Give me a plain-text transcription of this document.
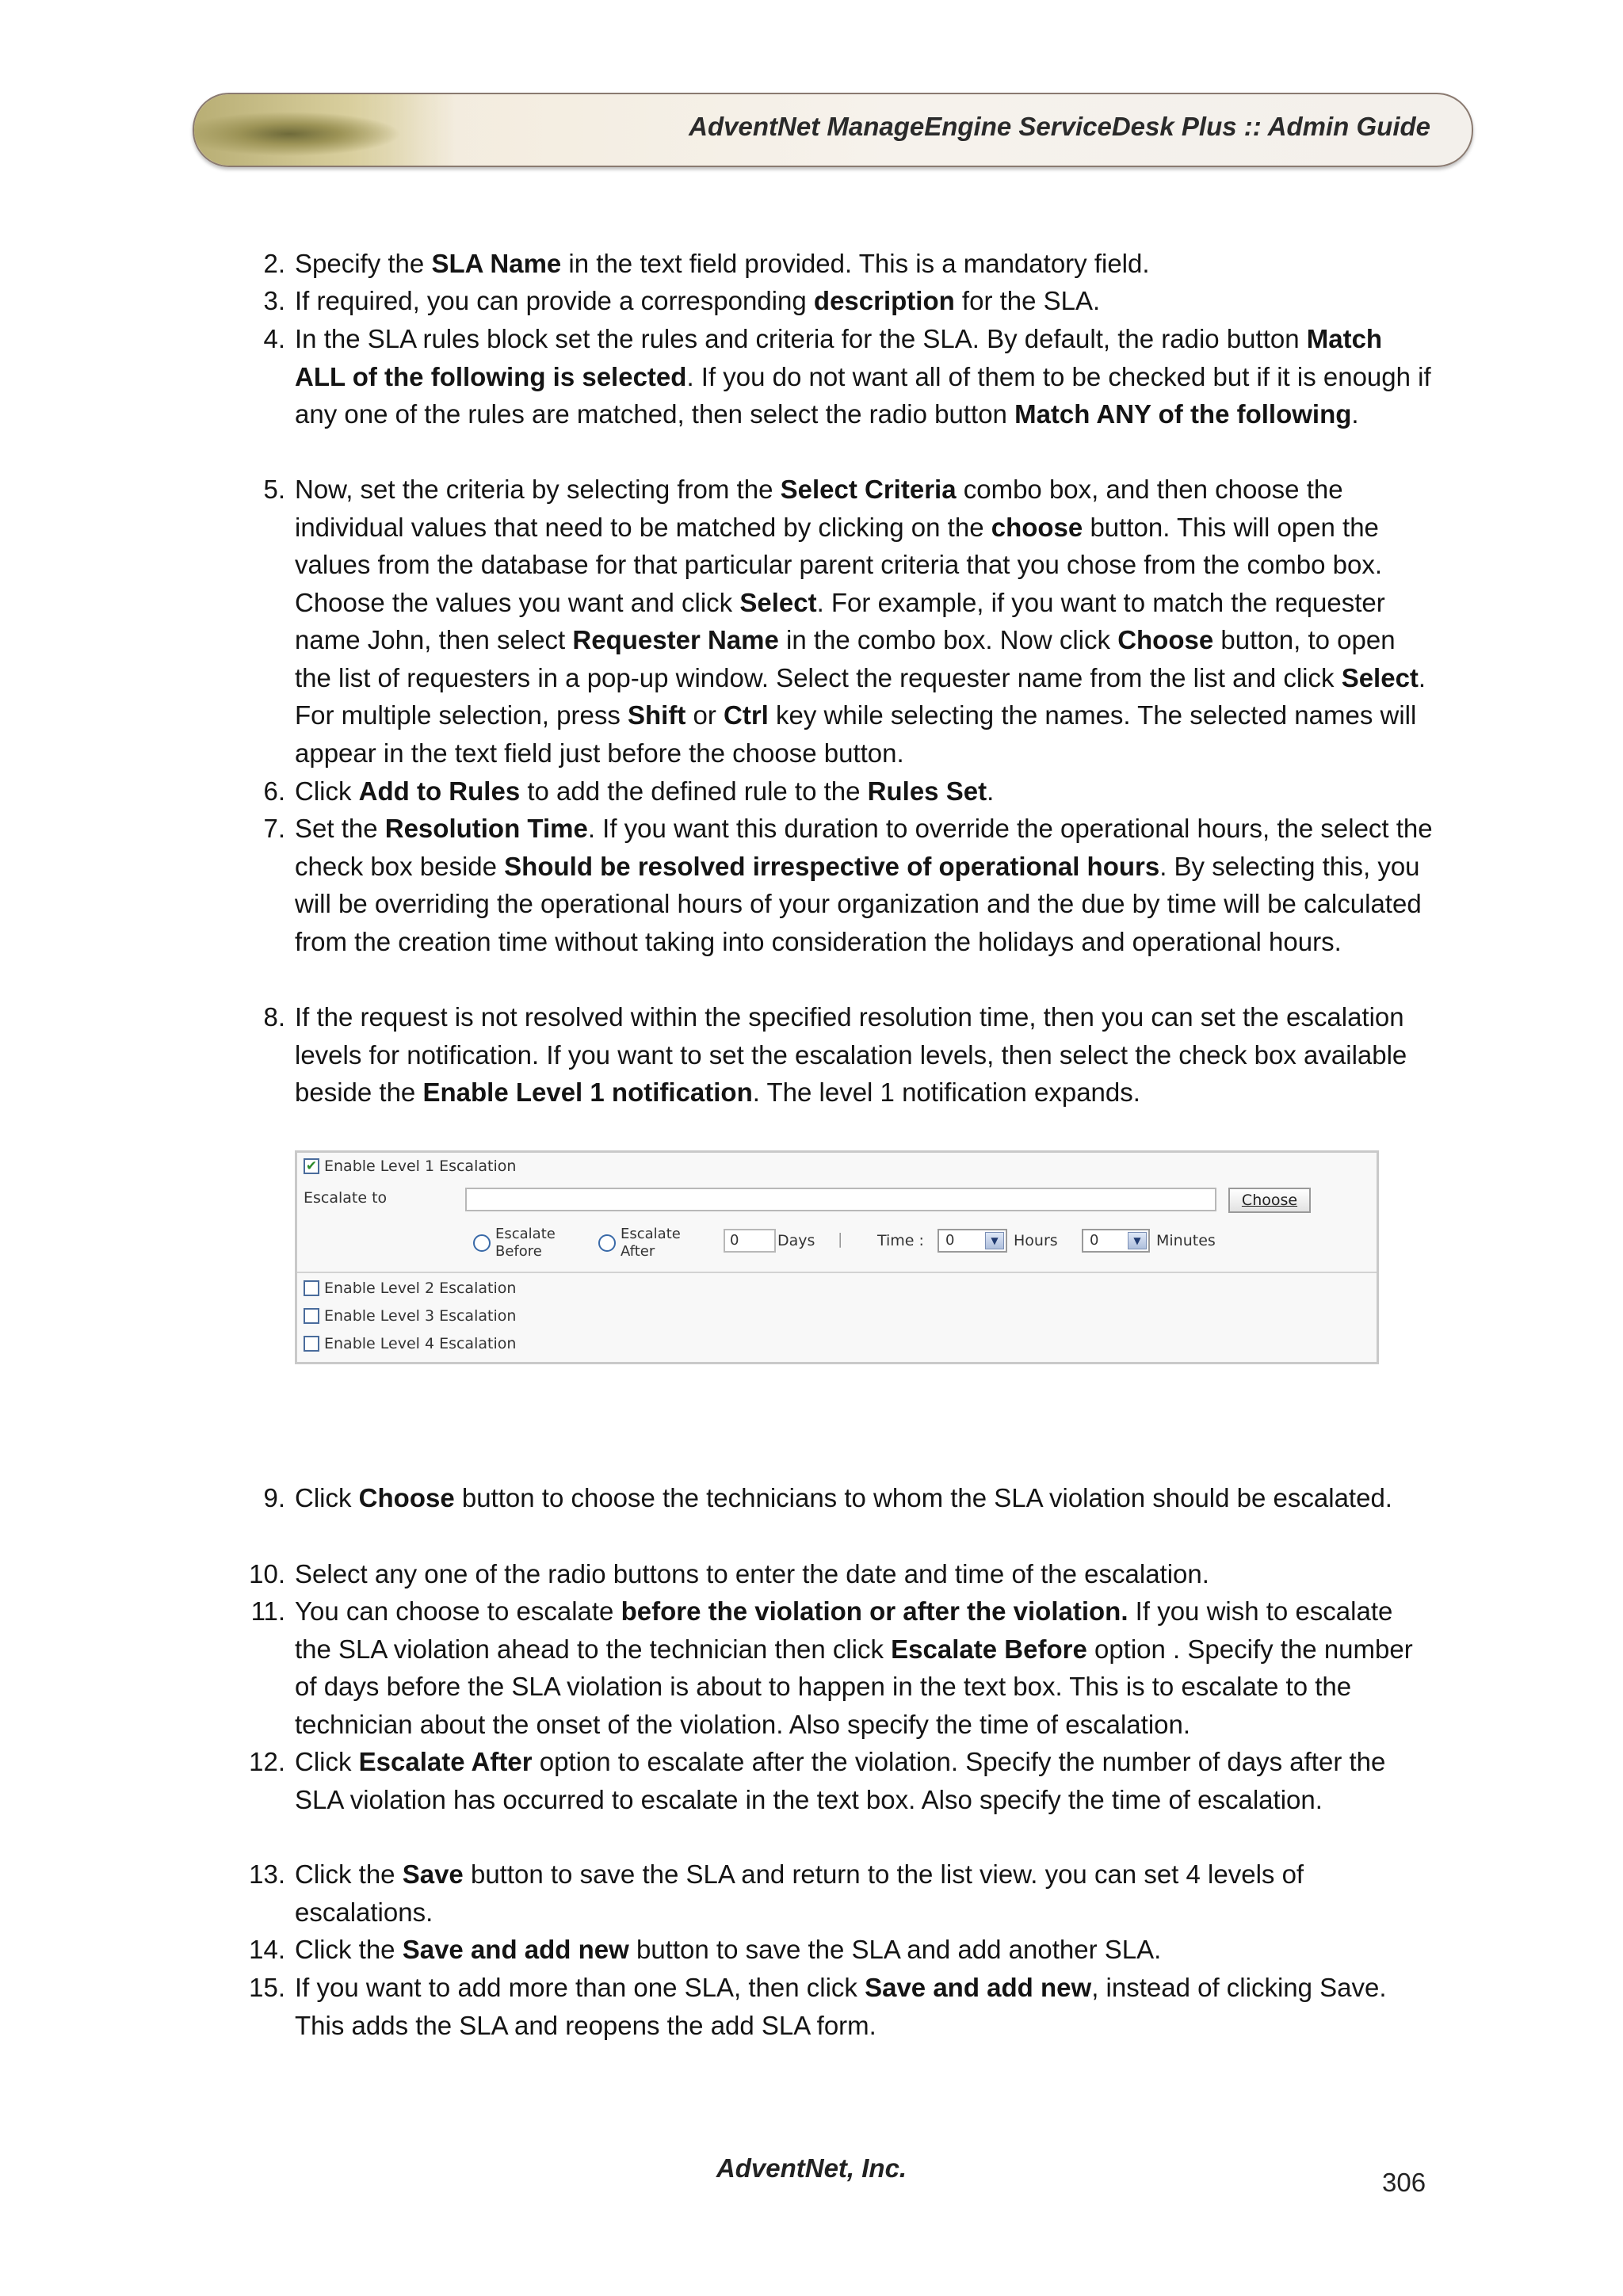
AdventNet ManageEngine ServiceDesk Plus :: Admin Guide
2. Specify the SLA Name in the text field provided. This is a mandatory field.
3. If required, you can provide a corresponding description for the SLA.
4. In the SLA rules block set the rules and criteria for the SLA. By default, the radio button Match ALL of the following is selected. If you do not want all of them to be checked but if it is enough if any one of the rules are matched, then select the radio button Match ANY of the following.
5. Now, set the criteria by selecting from the Select Criteria combo box, and then choose the individual values that need to be matched by clicking on the choose button. This will open the values from the database for that particular parent criteria that you chose from the combo box. Choose the values you want and click Select. For example, if you want to match the requester name John, then select Requester Name in the combo box. Now click Choose button, to open the list of requesters in a pop-up window. Select the requester name from the list and click Select. For multiple selection, press Shift or Ctrl key while selecting the names. The selected names will appear in the text field just before the choose button.
6. Click Add to Rules to add the defined rule to the Rules Set.
7. Set the Resolution Time. If you want this duration to override the operational hours, the select the check box beside Should be resolved irrespective of operational hours. By selecting this, you will be overriding the operational hours of your organization and the due by time will be calculated from the creation time without taking into consideration the holidays and operational hours.
8. If the request is not resolved within the specified resolution time, then you can set the escalation levels for notification. If you want to set the escalation levels, then select the check box available beside the Enable Level 1 notification. The level 1 notification expands.
✔ Enable Level 1 Escalation
Escalate to	Choose
Escalate
Before
Escalate
After
0	Days | Time :	0	▼	Hours	0	▼	Minutes
Enable Level 2 Escalation
Enable Level 3 Escalation
Enable Level 4 Escalation
9. Click Choose button to choose the technicians to whom the SLA violation should be escalated.
10. Select any one of the radio buttons to enter the date and time of the escalation.
11. You can choose to escalate before the violation or after the violation. If you wish to escalate the SLA violation ahead to the technician then click Escalate Before option . Specify the number of days before the SLA violation is about to happen in the text box. This is to escalate to the technician about the onset of the violation. Also specify the time of escalation.
12. Click Escalate After option to escalate after the violation. Specify the number of days after the SLA violation has occurred to escalate in the text box. Also specify the time of escalation.
13. Click the Save button to save the SLA and return to the list view. you can set 4 levels of escalations.
14. Click the Save and add new button to save the SLA and add another SLA.
15. If you want to add more than one SLA, then click Save and add new, instead of clicking Save. This adds the SLA and reopens the add SLA form.
AdventNet, Inc.	306
